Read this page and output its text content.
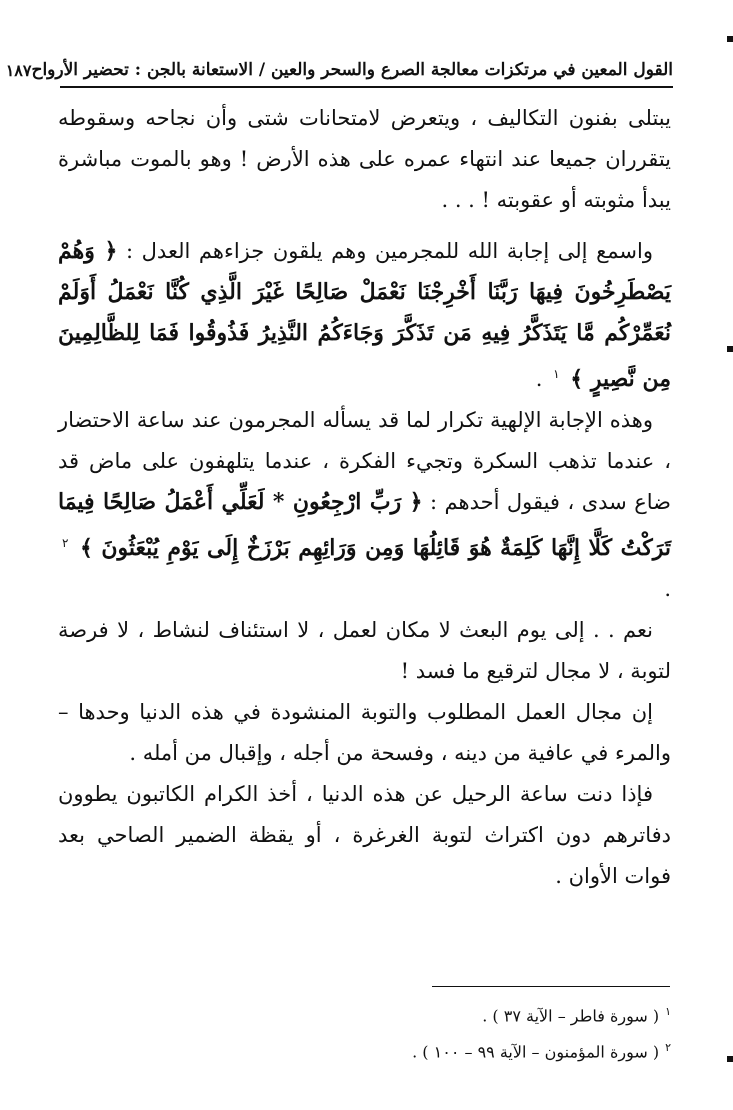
القول المعين في مرتكزات معالجة الصرع والسحر والعين / الاستعانة بالجن : تحضير الأرواح
١٨٧

يبتلى بفنون التكاليف ، ويتعرض لامتحانات شتى وأن نجاحه وسقوطه يتقرران جميعا عند انتهاء عمره على هذه الأرض ! وهو بالموت مباشرة يبدأ مثوبته أو عقوبته ! . . .

واسمع إلى إجابة الله للمجرمين وهم يلقون جزاءهم العدل : ﴿ وَهُمْ يَصْطَرِخُونَ فِيهَا رَبَّنَا أَخْرِجْنَا نَعْمَلْ صَالِحًا غَيْرَ الَّذِي كُنَّا نَعْمَلُ أَوَلَمْ نُعَمِّرْكُم مَّا يَتَذَكَّرُ فِيهِ مَن تَذَكَّرَ وَجَاءَكُمُ النَّذِيرُ فَذُوقُوا فَمَا لِلظَّالِمِينَ مِن نَّصِيرٍ ﴾ $^١$ .

وهذه الإجابة الإلهية تكرار لما قد يسأله المجرمون عند ساعة الاحتضار ، عندما تذهب السكرة وتجيء الفكرة ، عندما يتلهفون على ماض قد ضاع سدى ، فيقول أحدهم : ﴿ رَبِّ ارْجِعُونِ * لَعَلِّي أَعْمَلُ صَالِحًا فِيمَا تَرَكْتُ كَلَّا إِنَّهَا كَلِمَةٌ هُوَ قَائِلُهَا وَمِن وَرَائِهِم بَرْزَخٌ إِلَى يَوْمِ يُبْعَثُونَ ﴾ $^٢$ .

نعم . . إلى يوم البعث لا مكان لعمل ، لا استئناف لنشاط ، لا فرصة لتوبة ، لا مجال لترقيع ما فسد !

إن مجال العمل المطلوب والتوبة المنشودة في هذه الدنيا وحدها – والمرء في عافية من دينه ، وفسحة من أجله ، وإقبال من أمله .

فإذا دنت ساعة الرحيل عن هذه الدنيا ، أخذ الكرام الكاتبون يطوون دفاترهم دون اكتراث لتوبة الغرغرة ، أو يقظة الضمير الصاحي بعد فوات الأوان .

$^١$( سورة فاطر – الآية ٣٧ ) .
$^٢$( سورة المؤمنون – الآية ٩٩ – ١٠٠ ) .
